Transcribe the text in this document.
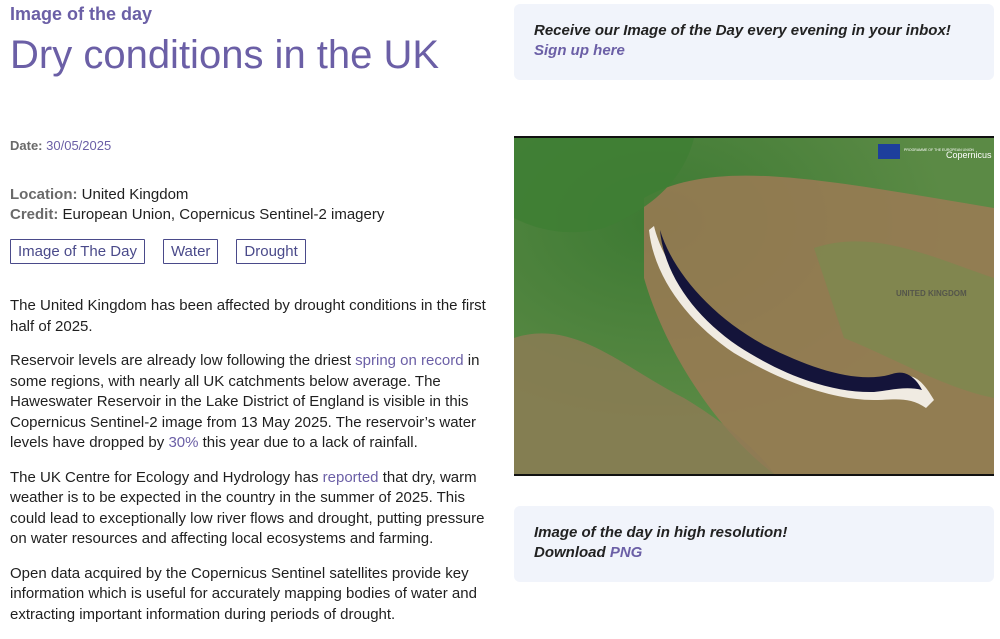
Image of the day
Dry conditions in the UK
Date: 30/05/2025
Location: United Kingdom
Credit: European Union, Copernicus Sentinel-2 imagery
Image of The Day	Water	Drought

The United Kingdom has been affected by drought conditions in the first half of 2025.

Reservoir levels are already low following the driest spring on record in some regions, with nearly all UK catchments below average. The Haweswater Reservoir in the Lake District of England is visible in this Copernicus Sentinel-2 image from 13 May 2025. The reservoir’s water levels have dropped by 30% this year due to a lack of rainfall.

The UK Centre for Ecology and Hydrology has reported that dry, warm weather is to be expected in the country in the summer of 2025. This could lead to exceptionally low river flows and drought, putting pressure on water resources and affecting local ecosystems and farming.

Open data acquired by the Copernicus Sentinel satellites provide key information which is useful for accurately mapping bodies of water and extracting important information during periods of drought.

Receive our Image of the Day every evening in your inbox! Sign up here
PROGRAMME OF THE EUROPEAN UNION
Copernicus
UNITED KINGDOM
Image of the day in high resolution!
Download PNG
